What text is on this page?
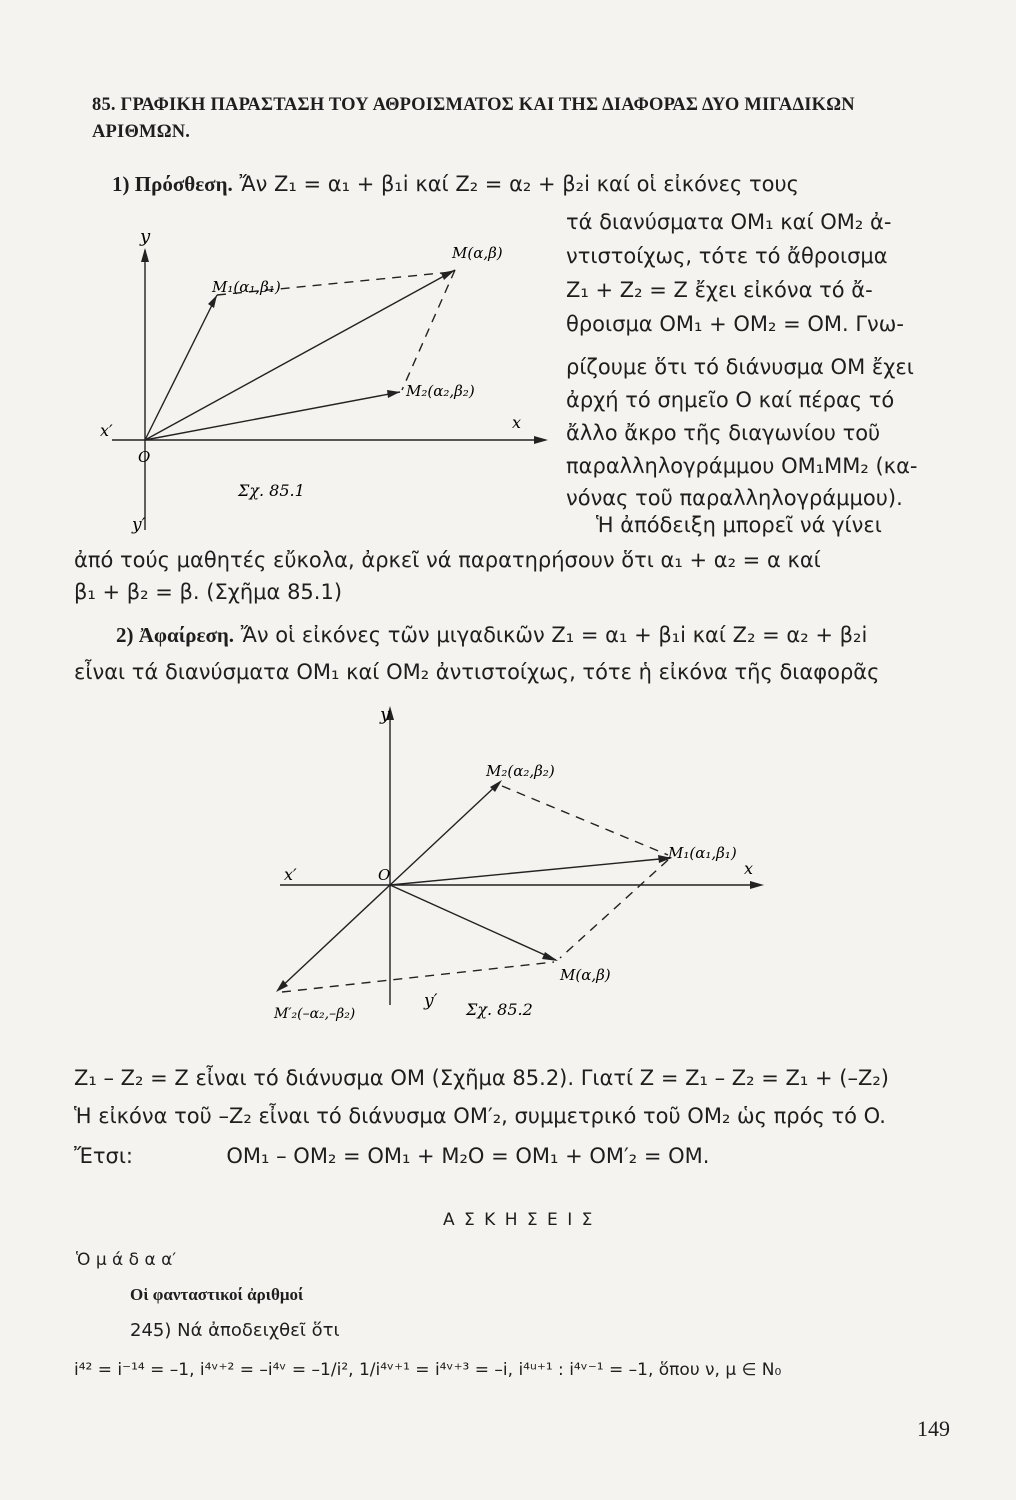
85. ΓΡΑΦΙΚΗ ΠΑΡΑΣΤΑΣΗ ΤΟΥ ΑΘΡΟΙΣΜΑΤΟΣ ΚΑΙ ΤΗΣ ΔΙΑΦΟΡΑΣ ΔΥΟ ΜΙΓΑΔΙΚΩΝ ΑΡΙΘΜΩΝ.
1) Πρόσθεση. Ἄν Z₁ = α₁ + β₁i καί Z₂ = α₂ + β₂i καί οἱ εἰκόνες τους
τά διανύσματα OM₁ καί OM₂ ἀ-
ντιστοίχως, τότε τό ἄθροισμα
Z₁ + Z₂ = Z ἔχει εἰκόνα τό ἄ-
θροισμα OM₁ + OM₂ = OM. Γνω-
ρίζουμε ὅτι τό διάνυσμα OM ἔχει
ἀρχή τό σημεῖο O καί πέρας τό
ἄλλο ἄκρο τῆς διαγωνίου τοῦ
παραλληλογράμμου OM₁MM₂ (κα-
νόνας τοῦ παραλληλογράμμου).
Ἡ ἀπόδειξη μπορεῖ νά γίνει
ἀπό τούς μαθητές εὔκολα, ἀρκεῖ νά παρατηρήσουν ὅτι α₁ + α₂ = α καί
β₁ + β₂ = β. (Σχῆμα 85.1)
y
y′
x
x′
O
M₁(α₁,β₁)
M(α,β)
M₂(α₂,β₂)
Σχ. 85.1
2) Ἀφαίρεση. Ἄν οἱ εἰκόνες τῶν μιγαδικῶν Z₁ = α₁ + β₁i καί Z₂ = α₂ + β₂i
εἶναι τά διανύσματα OM₁ καί OM₂ ἀντιστοίχως, τότε ἡ εἰκόνα τῆς διαφορᾶς
y
y′
x
x′	O
M₂(α₂,β₂)
M₁(α₁,β₁)
M(α,β)
M′₂(–α₂,–β₂)	Σχ. 85.2
Z₁ – Z₂ = Z εἶναι τό διάνυσμα OM (Σχῆμα 85.2). Γιατί Z = Z₁ – Z₂ = Z₁ + (–Z₂)
Ἡ εἰκόνα τοῦ –Z₂ εἶναι τό διάνυσμα OM′₂, συμμετρικό τοῦ OM₂ ὡς πρός τό O.
Ἔτσι:	OM₁ – OM₂ = OM₁ + M₂O = OM₁ + OM′₂ = OM.
Α Σ Κ Η Σ Ε Ι Σ
Ὁ μ ά δ α α′
Οἱ φανταστικοί ἀριθμοί
245) Νά ἀποδειχθεῖ ὅτι
i⁴² = i⁻¹⁴ = –1, i⁴ᵛ⁺² = –i⁴ᵛ = –1/i², 1/i⁴ᵛ⁺¹ = i⁴ᵛ⁺³ = –i, i⁴ᵘ⁺¹ : i⁴ᵛ⁻¹ = –1, ὅπου ν, μ ∈ N₀
149
